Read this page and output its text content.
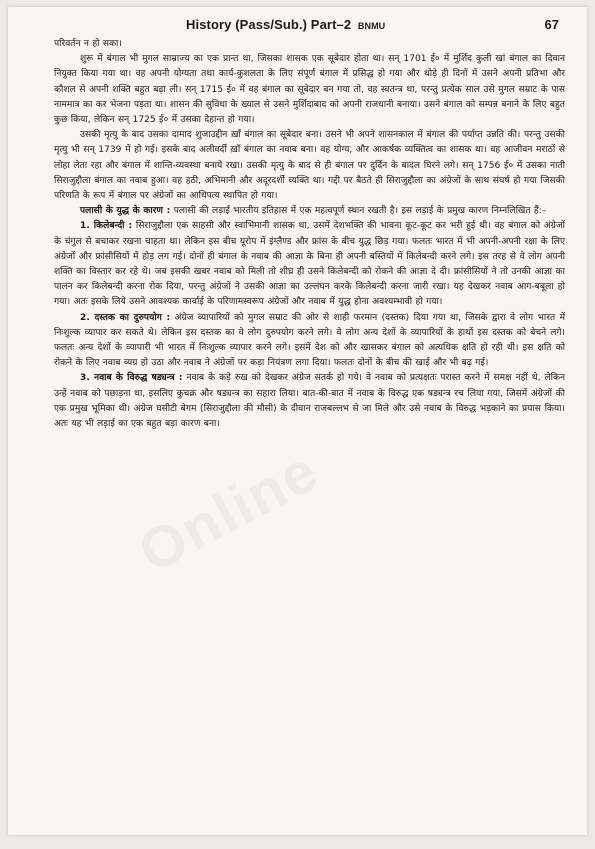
Online
History (Pass/Sub.) Part–2 BNMU	67

परिवर्तन न हो सका।

शुरू में बंगाल भी मुगल साम्राज्य का एक प्रान्त था, जिसका शासक एक सूबेदार होता था। सन् 1701 ई० में मुर्शिद कुली खां बंगाल का दिवान नियुक्त किया गया था। वह अपनी योग्यता तथा कार्य-कुशलता के लिए संपूर्ण बंगाल में प्रसिद्ध हो गया और थोड़े ही दिनों में उसने अपनी प्रतिभा और कौशल से अपनी शक्ति बहुत बढ़ा ली। सन् 1715 ई० में वह बंगाल का सूबेदार बन गया तो, वह स्वतन्त्र था, परन्तु प्रत्येक साल उसे मुगल सम्राट के पास नाममात्र का कर भेजना पड़ता था। शासन की सुविधा के ख्याल से उसने मुर्शिदाबाद को अपनी राजधानी बनाया। उसने बंगाल को सम्पन्न बनाने के लिए बहुत कुछ किया, लेकिन सन् 1725 ई० में उसका देहान्त हो गया।

उसकी मृत्यु के बाद उसका दामाद शुजाउद्दीन ख़ाँ बंगाल का सूबेदार बना। उसने भी अपने शासनकाल में बंगाल की पर्याप्त उन्नति की। परन्तु उसकी मृत्यु भी सन् 1739 में हो गई। इसके बाद अलीवर्दी ख़ाँ बंगाल का नवाब बना। वह योग्य, और आकर्षक व्यक्तित्व का शासक था। वह आजीवन मराठों से लोहा लेता रहा और बंगाल में शान्ति-व्यवस्था बनाये रखा। उसकी मृत्यु के बाद से ही बंगाल पर दुर्दिन के बादल घिरने लगे। सन् 1756 ई० में उसका नाती सिराजुद्दौला बंगाल का नवाब हुआ। वह हठी, अभिमानी और अदूरदर्शी व्यक्ति था। गद्दी पर बैठते ही सिराजुद्दौला का अंग्रेजों के साथ संघर्ष हो गया जिसकी परिणति के रूप में बंगाल पर अंग्रेजों का आधिपत्य स्थापित हो गया।

पलासी के युद्ध के कारण : पलासी की लड़ाई भारतीय इतिहास में एक महत्वपूर्ण स्थान रखती है। इस लड़ाई के प्रमुख कारण निम्नलिखित हैं:–

1. किलेबन्दी : सिराजुद्दौला एक साहसी और स्वाभिमानी शासक था, उसमें देशभक्ति की भावना कूट-कूट कर भरी हुई थी। वह बंगाल को अंग्रेजों के चंगुल से बचाकर रखना चाहता था। लेकिन इस बीच यूरोप में इंग्लैण्ड और फ्रांस के बीच युद्ध छिड़ गया। फलतः भारत में भी अपनी-अपनी रक्षा के लिए अंग्रेजों और फ्रांसीसियों में होड़ लग गई। दोनों ही बंगाल के नवाब की आज्ञा के बिना ही अपनी बस्तियों में किलेबन्दी करने लगे। इस तरह से वे लोग अपनी शक्ति का विस्तार कर रहे थे। जब इसकी खबर नवाब को मिली तो शीघ्र ही उसने किलेबन्दी को रोकने की आज्ञा दे दी। फ्रांसीसियों ने तो उनकी आज्ञा का पालन कर किलेबन्दी करना रोक दिया, परन्तु अंग्रेजों ने उसकी आज्ञा का उल्लंघन करके किलेबन्दी करना जारी रखा। यह देखकर नवाब आग-बबूला हो गया। अतः इसके लिये उसने आवश्यक कार्वाई के परिणामस्वरूप अंग्रेजों और नवाब में युद्ध होना अवश्यम्भावी हो गया।

2. दस्तक का दुरुपयोग : अंग्रेज व्यापारियों को मुगल सम्राट की ओर से शाही फरमान (दस्तक) दिया गया था, जिसके द्वारा वे लोग भारत में निःशुल्क व्यापार कर सकते थे। लेकिन इस दस्तक का वे लोग दुरुपयोग करने लगे। वे लोग अन्य देशों के व्यापारियों के हाथों इस दस्तक को बेचने लगे। फलतः अन्य देशों के व्यापारी भी भारत में निःशुल्क व्यापार करने लगे। इसमें देश को और खासकर बंगाल को अत्यधिक क्षति हो रही थी। इस क्षति को रोकने के लिए नवाब व्यग्र हो उठा और नवाब ने अंग्रेजों पर कड़ा नियंत्रण लगा दिया। फलतः दोनों के बीच की खाई और भी बढ़ गई।

3. नवाब के विरुद्ध षड्यन्त्र : नवाब के कड़े रुख को देखकर अंग्रेज सतर्क हो गये। वे नवाब को प्रत्यक्षतः परास्त करने में समक्ष नहीं थे, लेकिन उन्हें नवाब को पछाड़ना था, इसलिए कुचक्र और षड्यन्त्र का सहारा लिया। बात-की-बात में नवाब के विरुद्ध एक षड्यन्त्र रच लिया गया, जिसमें अंग्रेजों की एक प्रमुख भूमिका थी। अंग्रेज घसीटी बेगम (सिराजुद्दौला की मौसी) के दीवान राजबल्लभ से जा मिले और उसे नवाब के विरुद्ध भड़काने का प्रयास किया। अतः यह भी लड़ाई का एक बहुत बड़ा कारण बना।
